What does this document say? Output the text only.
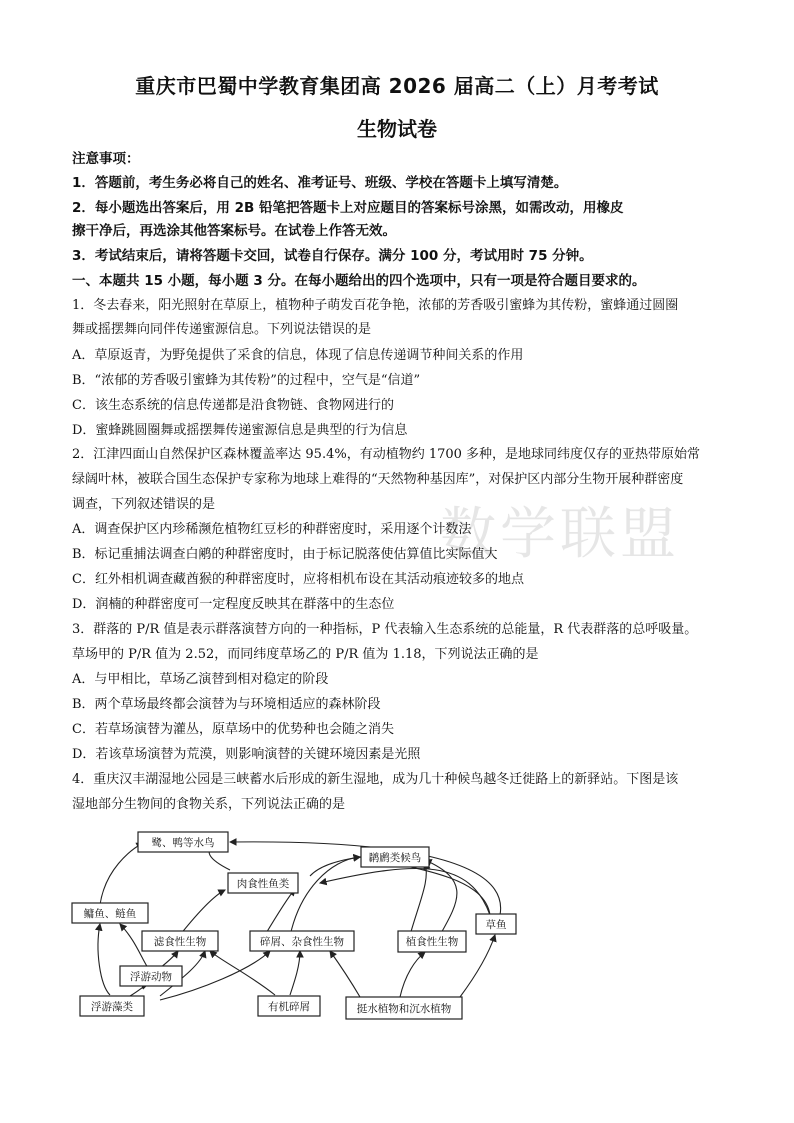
数学联盟
重庆市巴蜀中学教育集团高 2026 届高二（上）月考考试
生物试卷
注意事项：
1．答题前，考生务必将自己的姓名、准考证号、班级、学校在答题卡上填写清楚。
2．每小题选出答案后，用 2B 铅笔把答题卡上对应题目的答案标号涂黑，如需改动，用橡皮
擦干净后，再选涂其他答案标号。在试卷上作答无效。
3．考试结束后，请将答题卡交回，试卷自行保存。满分 100 分，考试用时 75 分钟。
一、本题共 15 小题，每小题 3 分。在每小题给出的四个选项中，只有一项是符合题目要求的。
1．冬去春来，阳光照射在草原上，植物种子萌发百花争艳，浓郁的芳香吸引蜜蜂为其传粉，蜜蜂通过圆圈
舞或摇摆舞向同伴传递蜜源信息。下列说法错误的是
A．草原返青，为野兔提供了采食的信息，体现了信息传递调节种间关系的作用
B．“浓郁的芳香吸引蜜蜂为其传粉”的过程中，空气是“信道”
C．该生态系统的信息传递都是沿食物链、食物网进行的
D．蜜蜂跳圆圈舞或摇摆舞传递蜜源信息是典型的行为信息
2．江津四面山自然保护区森林覆盖率达 95.4%，有动植物约 1700 多种，是地球同纬度仅存的亚热带原始常
绿阔叶林，被联合国生态保护专家称为地球上难得的“天然物种基因库”，对保护区内部分生物开展种群密度
调查，下列叙述错误的是
A．调查保护区内珍稀濒危植物红豆杉的种群密度时，采用逐个计数法
B．标记重捕法调查白鹇的种群密度时，由于标记脱落使估算值比实际值大
C．红外相机调查藏酋猴的种群密度时，应将相机布设在其活动痕迹较多的地点
D．润楠的种群密度可一定程度反映其在群落中的生态位
3．群落的 P/R 值是表示群落演替方向的一种指标，P 代表输入生态系统的总能量，R 代表群落的总呼吸量。
草场甲的 P/R 值为 2.52，而同纬度草场乙的 P/R 值为 1.18，下列说法正确的是
A．与甲相比，草场乙演替到相对稳定的阶段
B．两个草场最终都会演替为与环境相适应的森林阶段
C．若草场演替为灌丛，原草场中的优势种也会随之消失
D．若该草场演替为荒漠，则影响演替的关键环境因素是光照
4．重庆汉丰湖湿地公园是三峡蓄水后形成的新生湿地，成为几十种候鸟越冬迁徙路上的新驿站。下图是该
湿地部分生物间的食物关系，下列说法正确的是
鹭、鸭等水鸟
䴙䴘类候鸟
肉食性鱼类
鳙鱼、鲢鱼
滤食性生物	碎屑、杂食性生物	植食性生物
草鱼
浮游动物
浮游藻类	有机碎屑	挺水植物和沉水植物
